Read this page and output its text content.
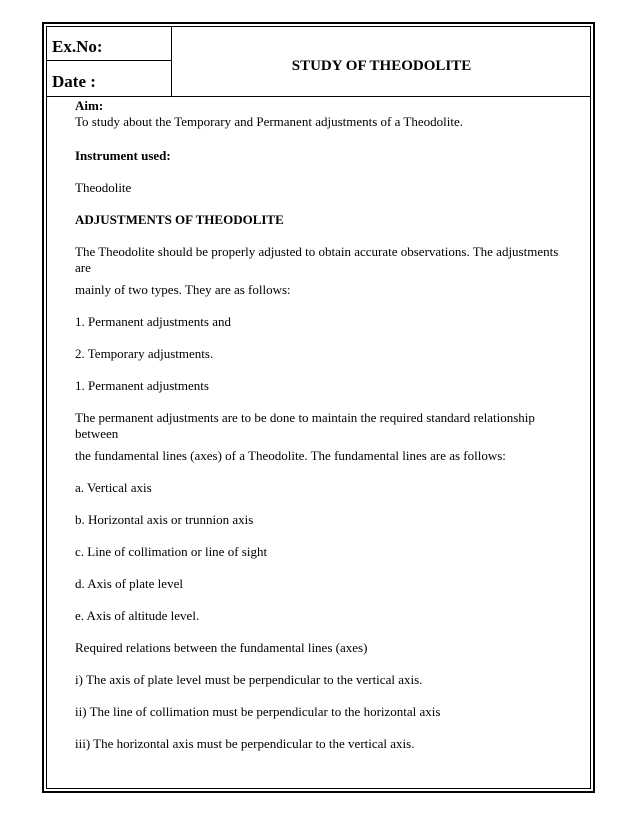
Ex.No:
Date :
STUDY OF THEODOLITE

Aim:

To study about the Temporary and Permanent adjustments of a Theodolite.

Instrument used:

Theodolite

ADJUSTMENTS OF THEODOLITE

The Theodolite should be properly adjusted to obtain accurate observations. The adjustments are

mainly of two types. They are as follows:

1. Permanent adjustments and

2. Temporary adjustments.

1. Permanent adjustments

The permanent adjustments are to be done to maintain the required standard relationship between

the fundamental lines (axes) of a Theodolite. The fundamental lines are as follows:

a. Vertical axis

b. Horizontal axis or trunnion axis

c. Line of collimation or line of sight

d. Axis of plate level

e. Axis of altitude level.

Required relations between the fundamental lines (axes)

i) The axis of plate level must be perpendicular to the vertical axis.

ii) The line of collimation must be perpendicular to the horizontal axis

iii) The horizontal axis must be perpendicular to the vertical axis.
